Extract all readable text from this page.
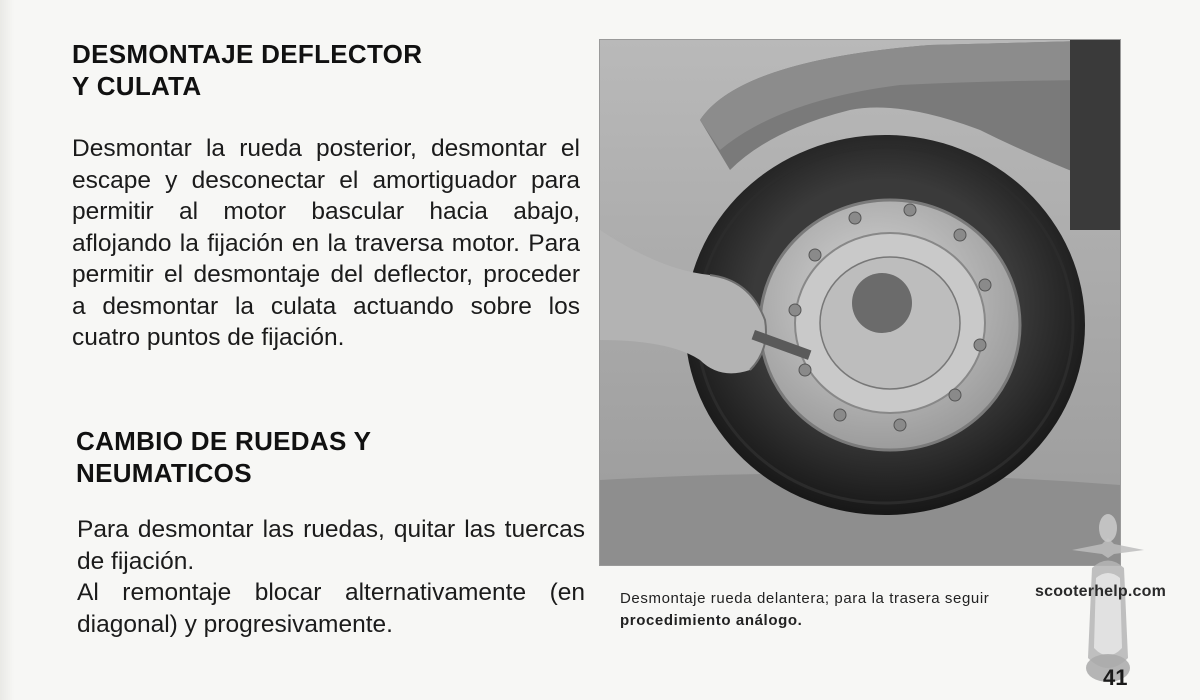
DESMONTAJE DEFLECTOR
Y CULATA

Desmontar la rueda posterior, desmontar el escape y desconectar el amortiguador para permitir al motor bascular hacia abajo, aflojando la fijación en la traversa motor. Para permitir el desmontaje del deflector, proceder a desmontar la culata actuando sobre los cuatro puntos de fijación.

CAMBIO DE RUEDAS Y
NEUMATICOS

Para desmontar las ruedas, quitar las tuercas de fijación.
Al remontaje blocar alternativamente (en diagonal) y progresivamente.

Desmontaje rueda delantera; para la trasera seguir
procedimiento análogo.
scooterhelp.com
41
